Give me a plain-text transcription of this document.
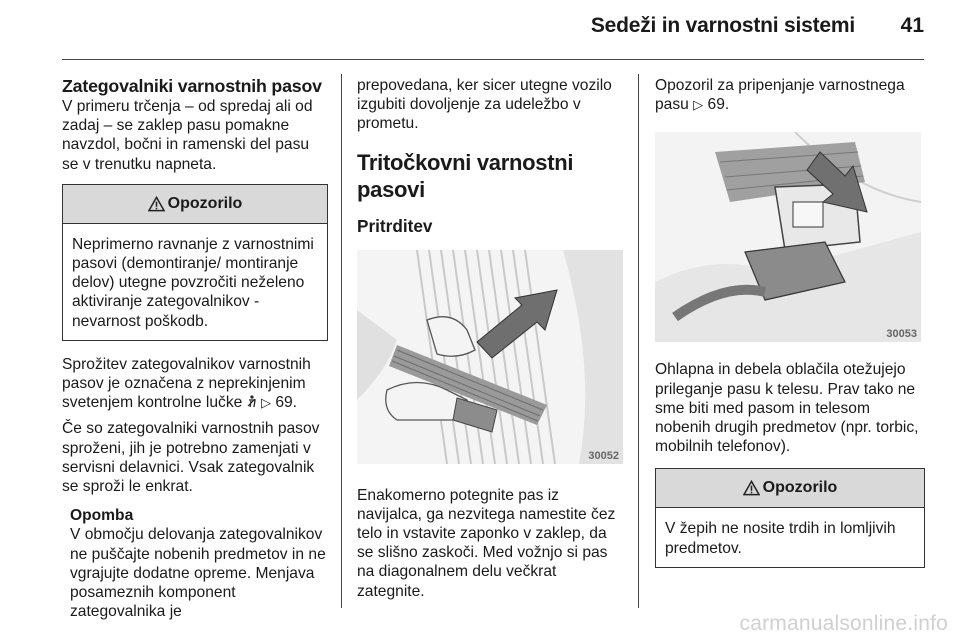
Sedeži in varnostni sistemi	41
Zategovalniki varnostnih pasov

V primeru trčenja – od spredaj ali od zadaj – se zaklep pasu pomakne navzdol, bočni in ramenski del pasu se v trenutku napneta.

Opozorilo

Neprimerno ravnanje z varnostnimi pasovi (demontiranje/ montiranje delov) utegne povzročiti neželeno aktiviranje zategovalnikov - nevarnost poškodb.

Sprožitev zategovalnikov varnostnih pasov je označena z neprekinjenim svetenjem kontrolne lučke ▷ 69.

Če so zategovalniki varnostnih pasov sproženi, jih je potrebno zamenjati v servisni delavnici. Vsak zategovalnik se sproži le enkrat.

Opomba

V območju delovanja zategovalnikov ne puščajte nobenih predmetov in ne vgrajujte dodatne opreme. Menjava posameznih komponent zategovalnika je

prepovedana, ker sicer utegne vozilo izgubiti dovoljenje za udeležbo v prometu.

Tritočkovni varnostni pasovi
Pritrditev
30052

Enakomerno potegnite pas iz navijalca, ga nezvitega namestite čez telo in vstavite zaponko v zaklep, da se slišno zaskoči. Med vožnjo si pas na diagonalnem delu večkrat zategnite.

Opozoril za pripenjanje varnostnega pasu ▷ 69.

30053

Ohlapna in debela oblačila otežujejo prileganje pasu k telesu. Prav tako ne sme biti med pasom in telesom nobenih drugih predmetov (npr. torbic, mobilnih telefonov).

Opozorilo

V žepih ne nosite trdih in lomljivih predmetov.

carmanualsonline.info
